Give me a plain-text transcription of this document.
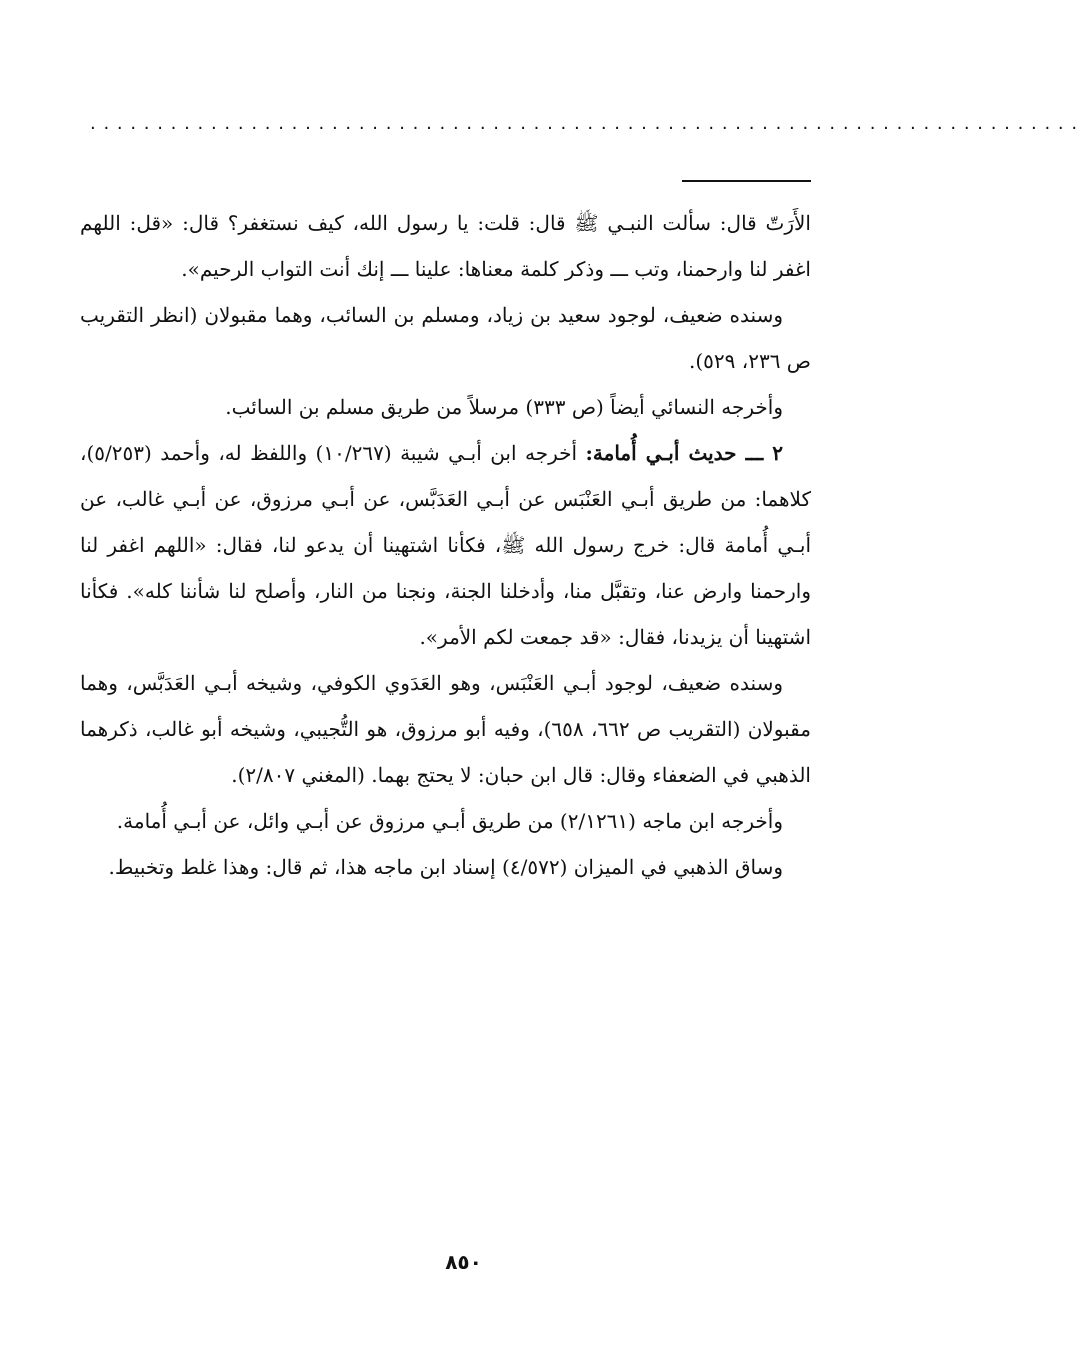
· · · · · · · · · · · · · · · · · · · · · · · · · · · · · · · · · · · · · · · · · · · · · · · · · · · · · · · · · · · · · · · · · · · · · · · · · ·

الأَرَتّ قال: سألت النبـي ﷺ قال: قلت: يا رسول الله، كيف نستغفر؟ قال: «قل: اللهم اغفر لنا وارحمنا، وتب ـــ وذكر كلمة معناها: علينا ـــ إنك أنت التواب الرحيم».

وسنده ضعيف، لوجود سعيد بن زياد، ومسلم بن السائب، وهما مقبولان (انظر التقريب ص ٢٣٦، ٥٢٩).

وأخرجه النسائي أيضاً (ص ٣٣٣) مرسلاً من طريق مسلم بن السائب.

٢ ـــ حديث أبـي أُمامة: أخرجه ابن أبـي شيبة (١٠/٢٦٧) واللفظ له، وأحمد (٥/٢٥٣)، كلاهما: من طريق أبـي العَنْبَس عن أبـي العَدَبَّس، عن أبـي مرزوق، عن أبـي غالب، عن أبـي أُمامة قال: خرج رسول الله ﷺ، فكأنا اشتهينا أن يدعو لنا، فقال: «اللهم اغفر لنا وارحمنا وارض عنا، وتقبَّل منا، وأدخلنا الجنة، ونجنا من النار، وأصلح لنا شأننا كله». فكأنا اشتهينا أن يزيدنا، فقال: «قد جمعت لكم الأمر».

وسنده ضعيف، لوجود أبـي العَنْبَس، وهو العَدَوي الكوفي، وشيخه أبـي العَدَبَّس، وهما مقبولان (التقريب ص ٦٦٢، ٦٥٨)، وفيه أبو مرزوق، هو التُّجيبي، وشيخه أبو غالب، ذكرهما الذهبي في الضعفاء وقال: قال ابن حبان: لا يحتج بهما. (المغني ٢/٨٠٧).

وأخرجه ابن ماجه (٢/١٢٦١) من طريق أبـي مرزوق عن أبـي وائل، عن أبـي أُمامة.

وساق الذهبي في الميزان (٤/٥٧٢) إسناد ابن ماجه هذا، ثم قال: وهذا غلط وتخبيط.

٨٥٠
